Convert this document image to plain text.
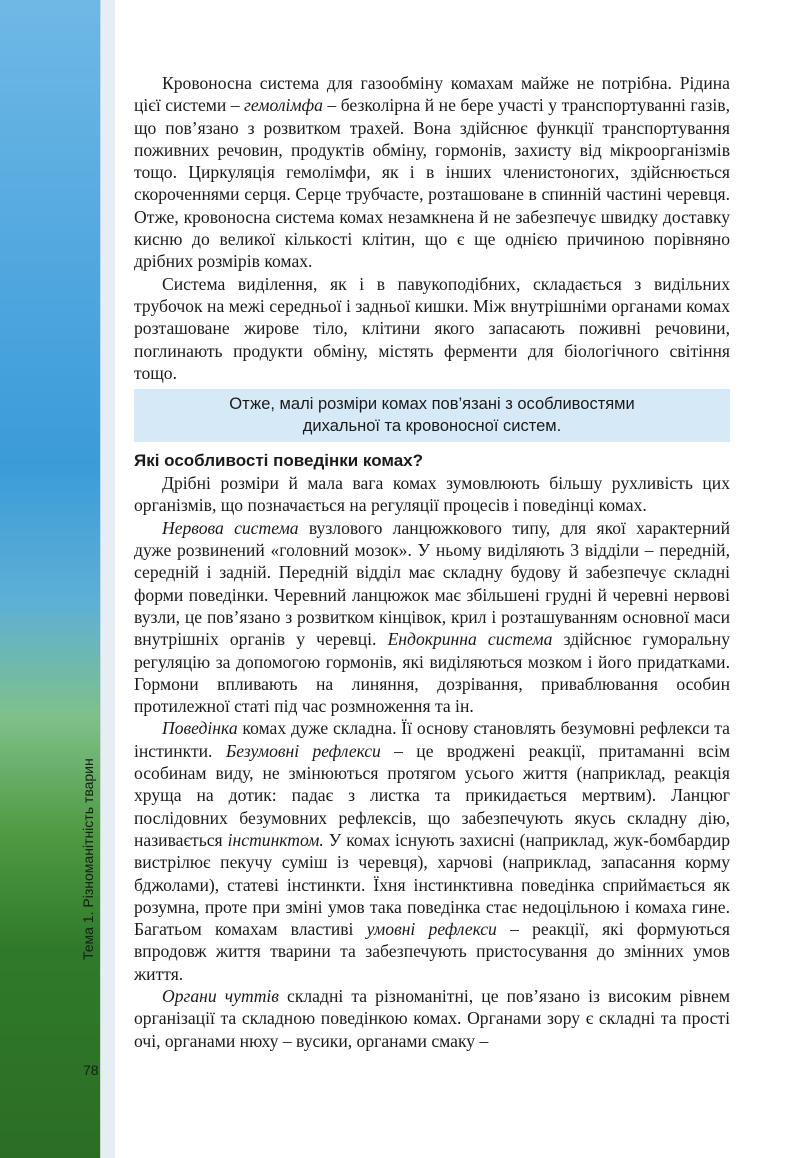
Тема 1. Різноманітність тварин
78

Кровоносна система для газообміну комахам майже не потрібна. Рідина цієї системи – гемолімфа – безколірна й не бере участі у транспортуванні газів, що пов’язано з розвитком трахей. Вона здійснює функції транспортування поживних речовин, продуктів обміну, гормонів, захисту від мікроорганізмів тощо. Циркуляція гемолімфи, як і в інших членистоногих, здійснюється скороченнями серця. Серце трубчасте, розташоване в спинній частині черевця. Отже, кровоносна система комах незамкнена й не забезпечує швидку доставку кисню до великої кількості клітин, що є ще однією причиною порівняно дрібних розмірів комах.

Система виділення, як і в павукоподібних, складається з видільних трубочок на межі середньої і задньої кишки. Між внутрішніми органами комах розташоване жирове тіло, клітини якого запасають поживні речовини, поглинають продукти обміну, містять ферменти для біологічного світіння тощо.

Отже, малі розміри комах пов’язані з особливостями
дихальної та кровоносної систем.
Які особливості поведінки комах?

Дрібні розміри й мала вага комах зумовлюють більшу рухливість цих організмів, що позначається на регуляції процесів і поведінці комах.

Нервова система вузлового ланцюжкового типу, для якої характерний дуже розвинений «головний мозок». У ньому виділяють 3 відділи – передній, середній і задній. Передній відділ має складну будову й забезпечує складні форми поведінки. Черевний ланцюжок має збільшені грудні й черевні нервові вузли, це пов’язано з розвитком кінцівок, крил і розташуванням основної маси внутрішніх органів у черевці. Ендокринна система здійснює гуморальну регуляцію за допомогою гормонів, які виділяються мозком і його придатками. Гормони впливають на линяння, дозрівання, приваблювання особин протилежної статі під час розмноження та ін.

Поведінка комах дуже складна. Її основу становлять безумовні рефлекси та інстинкти. Безумовні рефлекси – це вроджені реакції, притаманні всім особинам виду, не змінюються протягом усього життя (наприклад, реакція хруща на дотик: падає з листка та прикидається мертвим). Ланцюг послідовних безумовних рефлексів, що забезпечують якусь складну дію, називається інстинктом. У комах існують захисні (наприклад, жук-бомбардир вистрілює пекучу суміш із черевця), харчові (наприклад, запасання корму бджолами), статеві інстинкти. Їхня інстинктивна поведінка сприймається як розумна, проте при зміні умов така поведінка стає недоцільною і комаха гине. Багатьом комахам властиві умовні рефлекси – реакції, які формуються впродовж життя тварини та забезпечують пристосування до змінних умов життя.

Органи чуттів складні та різноманітні, це пов’язано із високим рівнем організації та складною поведінкою комах. Органами зору є складні та прості очі, органами нюху – вусики, органами смаку –
